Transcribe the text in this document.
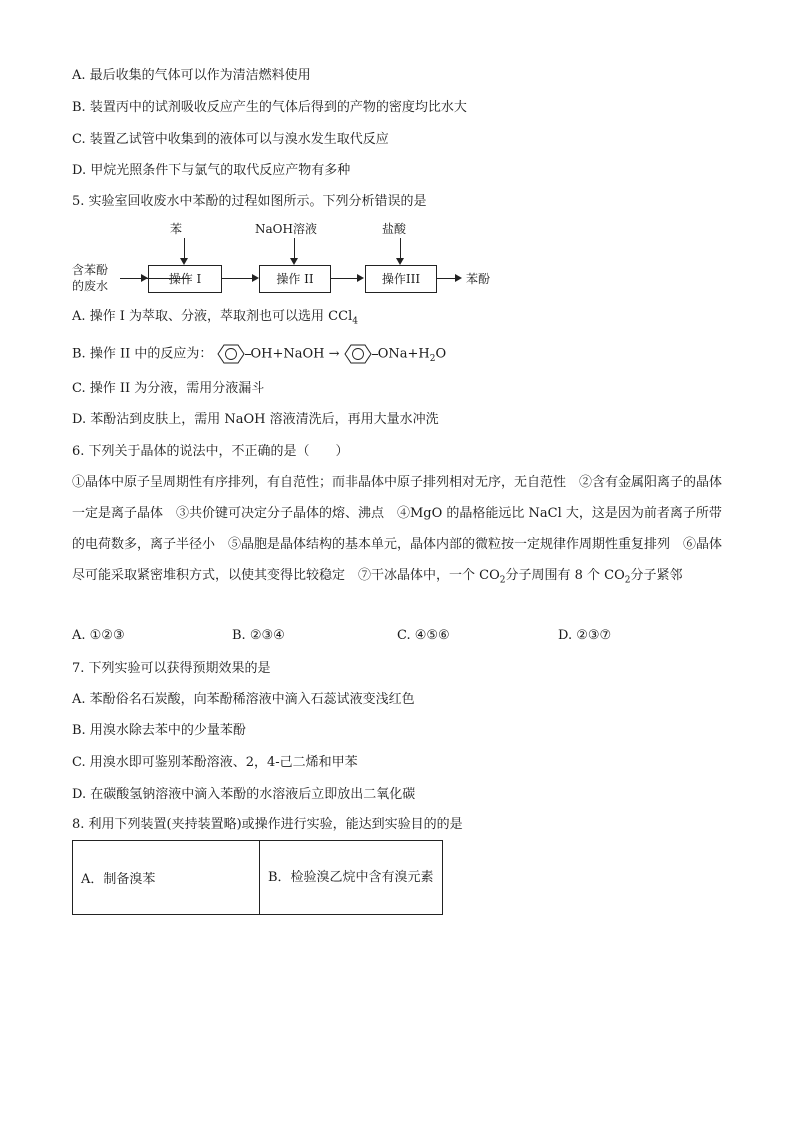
A. 最后收集的气体可以作为清洁燃料使用
B. 装置丙中的试剂吸收反应产生的气体后得到的产物的密度均比水大
C. 装置乙试管中收集到的液体可以与溴水发生取代反应
D. 甲烷光照条件下与氯气的取代反应产物有多种
5. 实验室回收废水中苯酚的过程如图所示。下列分析错误的是
含苯酚
的废水	操作 I
苯
操作 II
NaOH溶液
操作III
盐酸
苯酚
A. 操作 I 为萃取、分液，萃取剂也可以选用 CCl$_4$
B. 操作 II 中的反应为：	OH+NaOH →	$ONa+H_2O$
C. 操作 II 为分液，需用分液漏斗
D. 苯酚沾到皮肤上，需用 NaOH 溶液清洗后，再用大量水冲洗
6. 下列关于晶体的说法中，不正确的是（　　）
①晶体中原子呈周期性有序排列，有自范性；而非晶体中原子排列相对无序，无自范性　②含有金属阳离子的晶体一定是离子晶体　③共价键可决定分子晶体的熔、沸点　④MgO 的晶格能远比 NaCl 大，这是因为前者离子所带的电荷数多，离子半径小　⑤晶胞是晶体结构的基本单元，晶体内部的微粒按一定规律作周期性重复排列　⑥晶体尽可能采取紧密堆积方式，以使其变得比较稳定　⑦干冰晶体中，一个 $CO_2$分子周围有 8 个 $CO_2$分子紧邻
A. ①②③	B. ②③④	C. ④⑤⑥	D. ②③⑦
7. 下列实验可以获得预期效果的是
A. 苯酚俗名石炭酸，向苯酚稀溶液中滴入石蕊试液变浅红色
B. 用溴水除去苯中的少量苯酚
C. 用溴水即可鉴别苯酚溶液、2，4-己二烯和甲苯
D. 在碳酸氢钠溶液中滴入苯酚的水溶液后立即放出二氧化碳
8. 利用下列装置(夹持装置略)或操作进行实验，能达到实验目的的是
A．制备溴苯	B．检验溴乙烷中含有溴元素
